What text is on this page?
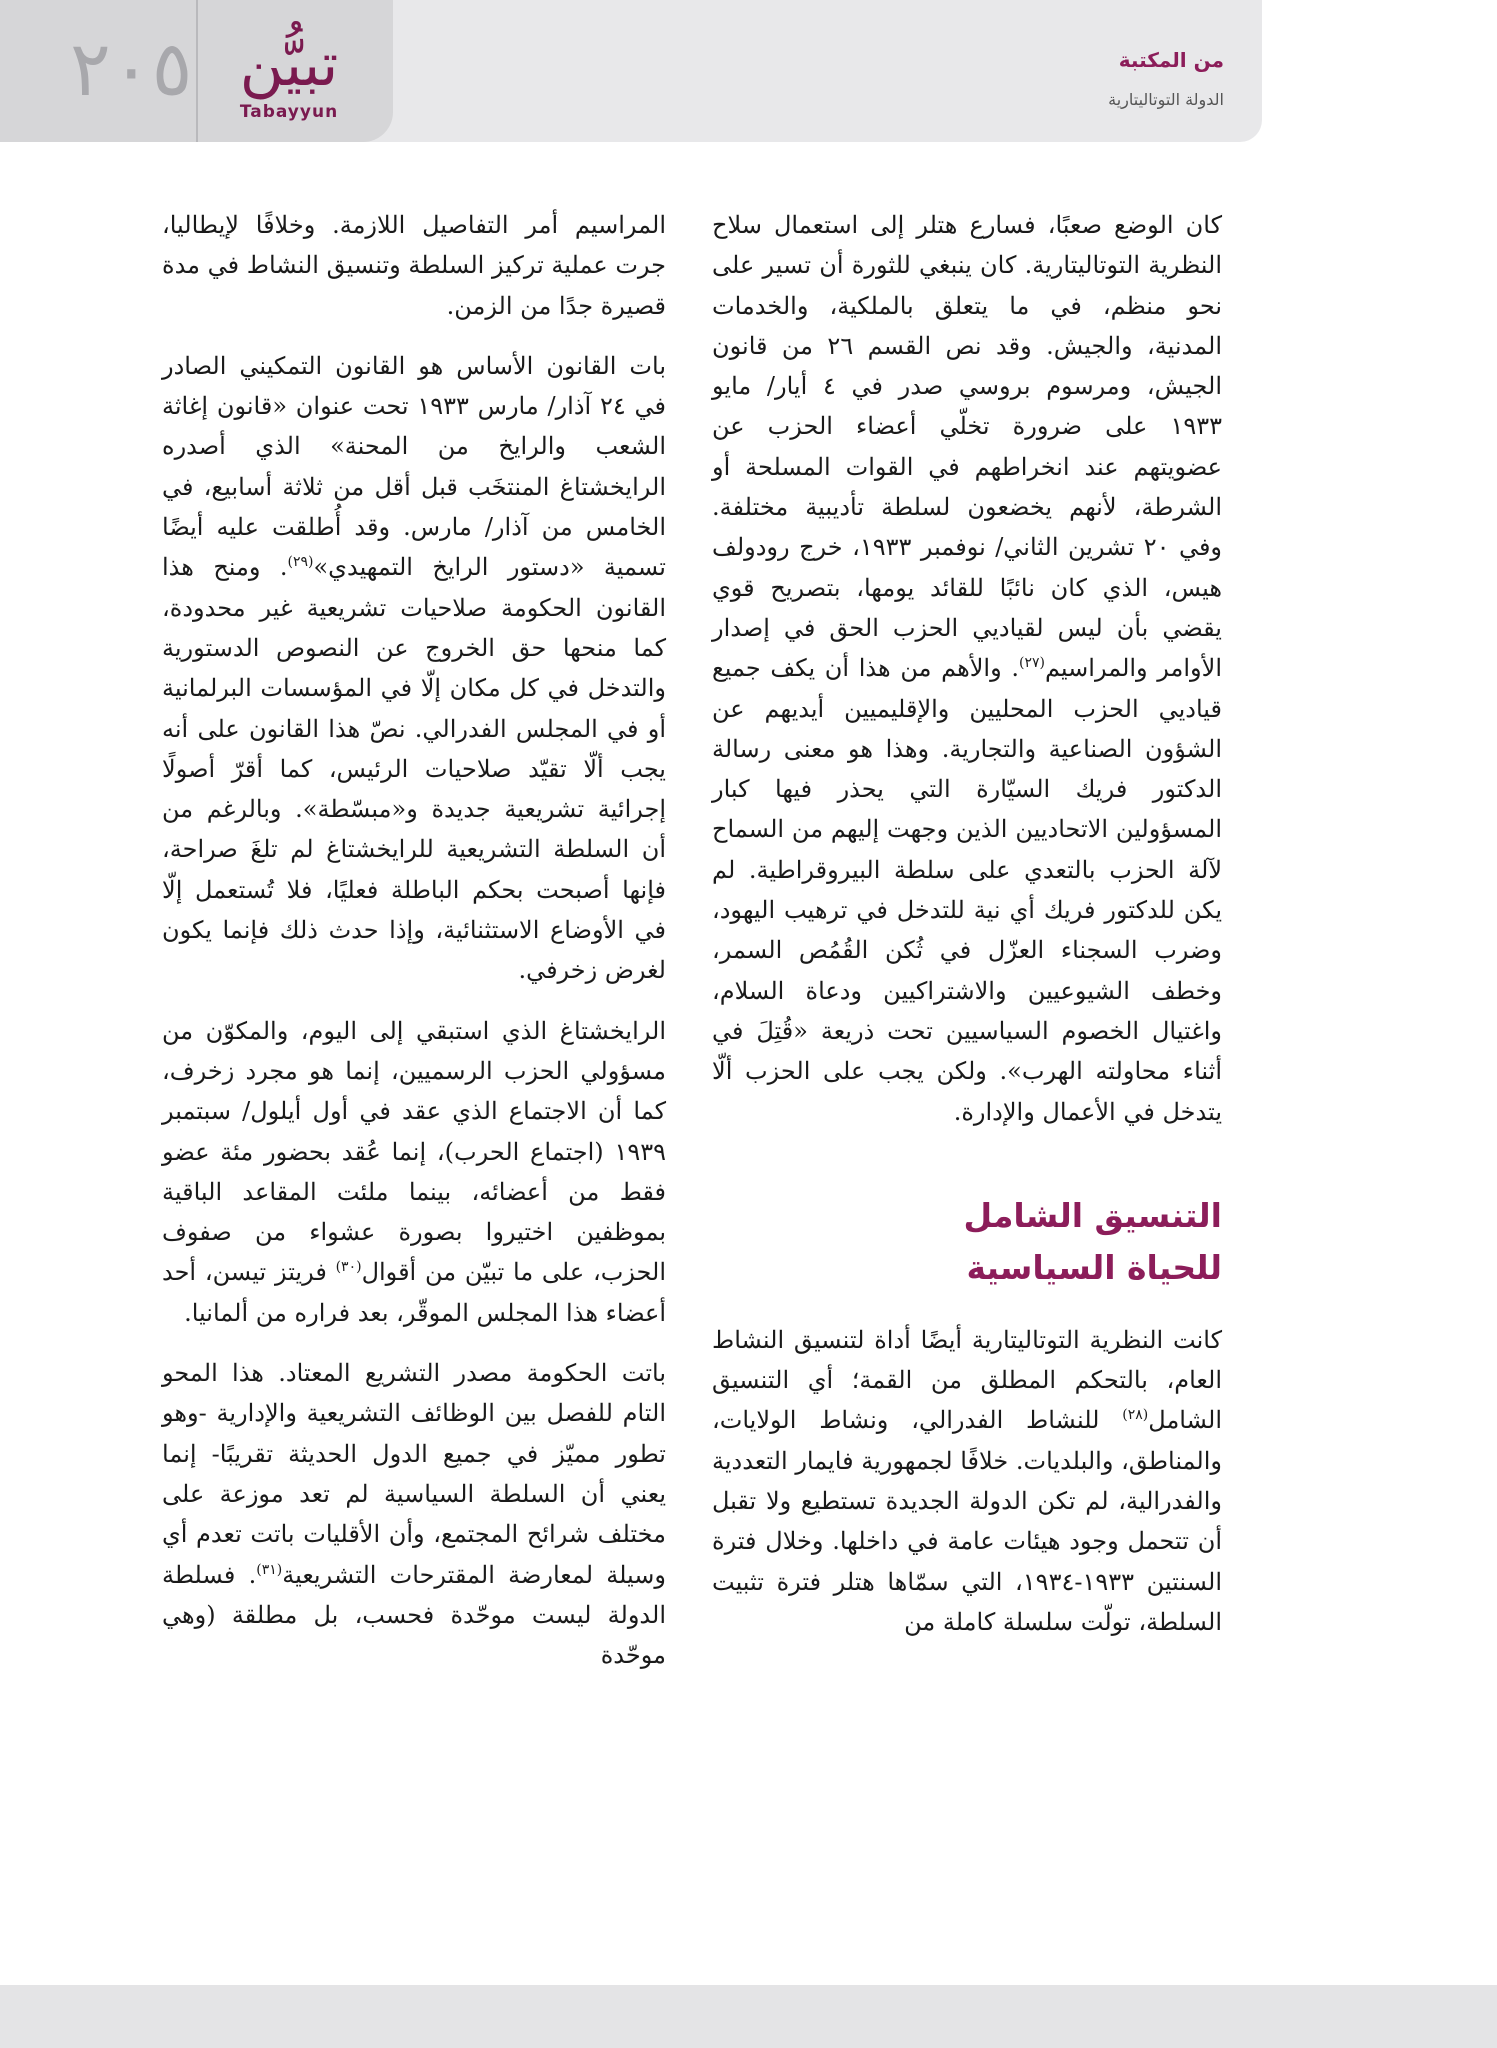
٢٠٥ تبيُّن
Tabayyun
من المكتبة
الدولة التوتاليتارية

كان الوضع صعبًا، فسارع هتلر إلى استعمال سلاح النظرية التوتاليتارية. كان ينبغي للثورة أن تسير على نحو منظم، في ما يتعلق بالملكية، والخدمات المدنية، والجيش. وقد نص القسم ٢٦ من قانون الجيش، ومرسوم بروسي صدر في ٤ أيار/ مايو ١٩٣٣ على ضرورة تخلّي أعضاء الحزب عن عضويتهم عند انخراطهم في القوات المسلحة أو الشرطة، لأنهم يخضعون لسلطة تأديبية مختلفة. وفي ٢٠ تشرين الثاني/ نوفمبر ١٩٣٣، خرج رودولف هيس، الذي كان نائبًا للقائد يومها، بتصريح قوي يقضي بأن ليس لقياديي الحزب الحق في إصدار الأوامر والمراسيم$^{(٢٧)}$. والأهم من هذا أن يكف جميع قياديي الحزب المحليين والإقليميين أيديهم عن الشؤون الصناعية والتجارية. وهذا هو معنى رسالة الدكتور فريك السيّارة التي يحذر فيها كبار المسؤولين الاتحاديين الذين وجهت إليهم من السماح لآلة الحزب بالتعدي على سلطة البيروقراطية. لم يكن للدكتور فريك أي نية للتدخل في ترهيب اليهود، وضرب السجناء العزّل في ثُكن القُمُص السمر، وخطف الشيوعيين والاشتراكيين ودعاة السلام، واغتيال الخصوم السياسيين تحت ذريعة «قُتِلَ في أثناء محاولته الهرب». ولكن يجب على الحزب ألّا يتدخل في الأعمال والإدارة.

التنسيق الشامل
للحياة السياسية

كانت النظرية التوتاليتارية أيضًا أداة لتنسيق النشاط العام، بالتحكم المطلق من القمة؛ أي التنسيق الشامل$^{(٢٨)}$ للنشاط الفدرالي، ونشاط الولايات، والمناطق، والبلديات. خلافًا لجمهورية فايمار التعددية والفدرالية، لم تكن الدولة الجديدة تستطيع ولا تقبل أن تتحمل وجود هيئات عامة في داخلها. وخلال فترة السنتين ١٩٣٣-١٩٣٤، التي سمّاها هتلر فترة تثبيت السلطة، تولّت سلسلة كاملة من

المراسيم أمر التفاصيل اللازمة. وخلافًا لإيطاليا، جرت عملية تركيز السلطة وتنسيق النشاط في مدة قصيرة جدًا من الزمن.

بات القانون الأساس هو القانون التمكيني الصادر في ٢٤ آذار/ مارس ١٩٣٣ تحت عنوان «قانون إغاثة الشعب والرايخ من المحنة» الذي أصدره الرايخشتاغ المنتخَب قبل أقل من ثلاثة أسابيع، في الخامس من آذار/ مارس. وقد أُطلقت عليه أيضًا تسمية «دستور الرايخ التمهيدي»$^{(٢٩)}$. ومنح هذا القانون الحكومة صلاحيات تشريعية غير محدودة، كما منحها حق الخروج عن النصوص الدستورية والتدخل في كل مكان إلّا في المؤسسات البرلمانية أو في المجلس الفدرالي. نصّ هذا القانون على أنه يجب ألّا تقيّد صلاحيات الرئيس، كما أقرّ أصولًا إجرائية تشريعية جديدة و«مبسّطة». وبالرغم من أن السلطة التشريعية للرايخشتاغ لم تلغَ صراحة، فإنها أصبحت بحكم الباطلة فعليًا، فلا تُستعمل إلّا في الأوضاع الاستثنائية، وإذا حدث ذلك فإنما يكون لغرض زخرفي.

الرايخشتاغ الذي استبقي إلى اليوم، والمكوّن من مسؤولي الحزب الرسميين، إنما هو مجرد زخرف، كما أن الاجتماع الذي عقد في أول أيلول/ سبتمبر ١٩٣٩ (اجتماع الحرب)، إنما عُقد بحضور مئة عضو فقط من أعضائه، بينما ملئت المقاعد الباقية بموظفين اختيروا بصورة عشواء من صفوف الحزب، على ما تبيّن من أقوال$^{(٣٠)}$ فريتز تيسن، أحد أعضاء هذا المجلس الموقّر، بعد فراره من ألمانيا.

باتت الحكومة مصدر التشريع المعتاد. هذا المحو التام للفصل بين الوظائف التشريعية والإدارية -وهو تطور مميّز في جميع الدول الحديثة تقريبًا- إنما يعني أن السلطة السياسية لم تعد موزعة على مختلف شرائح المجتمع، وأن الأقليات باتت تعدم أي وسيلة لمعارضة المقترحات التشريعية$^{(٣١)}$. فسلطة الدولة ليست موحّدة فحسب، بل مطلقة (وهي موحّدة
